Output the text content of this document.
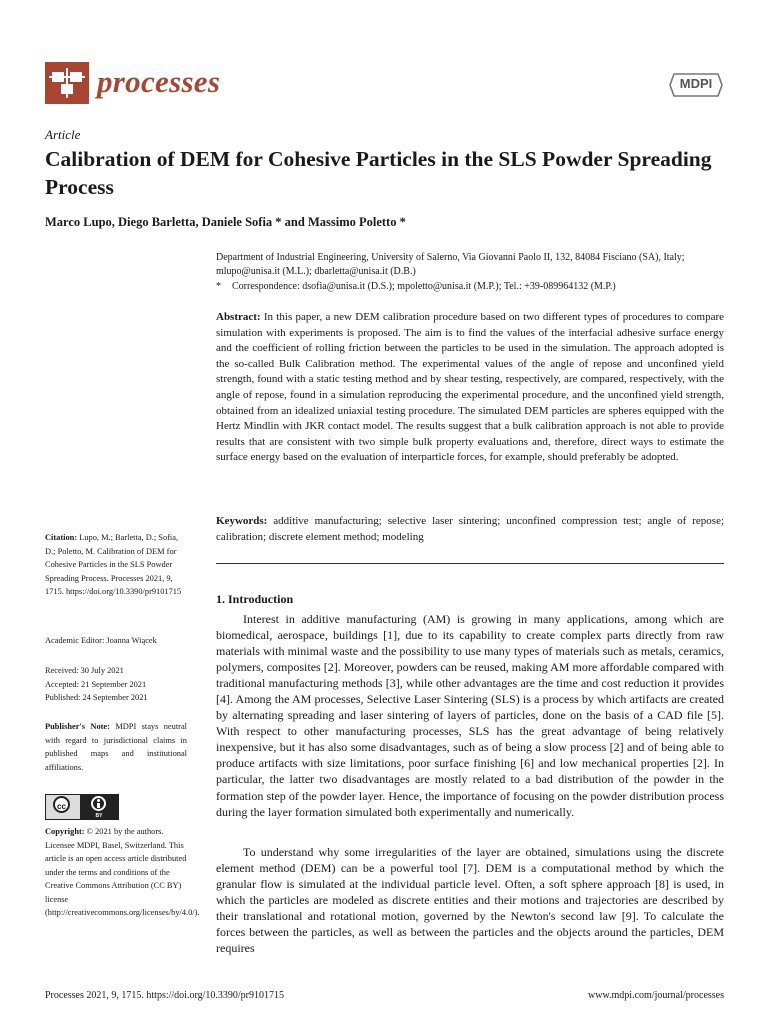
processes	MDPI
Article
Calibration of DEM for Cohesive Particles in the SLS Powder Spreading Process
Marco Lupo, Diego Barletta, Daniele Sofia * and Massimo Poletto *
Department of Industrial Engineering, University of Salerno, Via Giovanni Paolo II, 132, 84084 Fisciano (SA), Italy; mlupo@unisa.it (M.L.); dbarletta@unisa.it (D.B.)
* Correspondence: dsofia@unisa.it (D.S.); mpoletto@unisa.it (M.P.); Tel.: +39-089964132 (M.P.)
Abstract: In this paper, a new DEM calibration procedure based on two different types of procedures to compare simulation with experiments is proposed. The aim is to find the values of the interfacial adhesive surface energy and the coefficient of rolling friction between the particles to be used in the simulation. The approach adopted is the so-called Bulk Calibration method. The experimental values of the angle of repose and unconfined yield strength, found with a static testing method and by shear testing, respectively, are compared, respectively, with the angle of repose, found in a simulation reproducing the experimental procedure, and the unconfined yield strength, obtained from an idealized uniaxial testing procedure. The simulated DEM particles are spheres equipped with the Hertz Mindlin with JKR contact model. The results suggest that a bulk calibration approach is not able to provide results that are consistent with two simple bulk property evaluations and, therefore, direct ways to estimate the surface energy based on the evaluation of interparticle forces, for example, should preferably be adopted.
Keywords: additive manufacturing; selective laser sintering; unconfined compression test; angle of repose; calibration; discrete element method; modeling
Citation: Lupo, M.; Barletta, D.; Sofia, D.; Poletto, M. Calibration of DEM for Cohesive Particles in the SLS Powder Spreading Process. Processes 2021, 9, 1715. https://doi.org/10.3390/pr9101715
Academic Editor: Joanna Wiącek
Received: 30 July 2021
Accepted: 21 September 2021
Published: 24 September 2021
Publisher's Note: MDPI stays neutral with regard to jurisdictional claims in published maps and institutional affiliations.
cc
BY
Copyright: © 2021 by the authors. Licensee MDPI, Basel, Switzerland. This article is an open access article distributed under the terms and conditions of the Creative Commons Attribution (CC BY) license (http://creativecommons.org/licenses/by/4.0/).
1. Introduction
Interest in additive manufacturing (AM) is growing in many applications, among which are biomedical, aerospace, buildings [1], due to its capability to create complex parts directly from raw materials with minimal waste and the possibility to use many types of materials such as metals, ceramics, polymers, composites [2]. Moreover, powders can be reused, making AM more affordable compared with traditional manufacturing methods [3], while other advantages are the time and cost reduction it provides [4]. Among the AM processes, Selective Laser Sintering (SLS) is a process by which artifacts are created by alternating spreading and laser sintering of layers of particles, done on the basis of a CAD file [5]. With respect to other manufacturing processes, SLS has the great advantage of being relatively inexpensive, but it has also some disadvantages, such as of being a slow process [2] and of being able to produce artifacts with size limitations, poor surface finishing [6] and low mechanical properties [2]. In particular, the latter two disadvantages are mostly related to a bad distribution of the powder in the formation step of the powder layer. Hence, the importance of focusing on the powder distribution process during the layer formation simulated both experimentally and numerically.
To understand why some irregularities of the layer are obtained, simulations using the discrete element method (DEM) can be a powerful tool [7]. DEM is a computational method by which the granular flow is simulated at the individual particle level. Often, a soft sphere approach [8] is used, in which the particles are modeled as discrete entities and their motions and trajectories are described by their translational and rotational motion, governed by the Newton's second law [9]. To calculate the forces between the particles, as well as between the particles and the objects around the particles, DEM requires
Processes 2021, 9, 1715. https://doi.org/10.3390/pr9101715	www.mdpi.com/journal/processes
